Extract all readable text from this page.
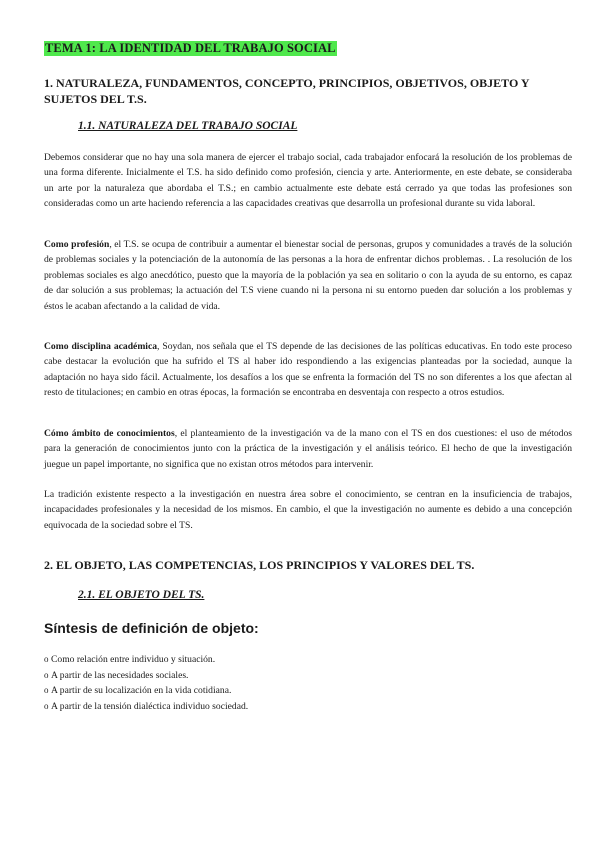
TEMA 1: LA IDENTIDAD DEL TRABAJO SOCIAL
1. NATURALEZA, FUNDAMENTOS, CONCEPTO, PRINCIPIOS, OBJETIVOS, OBJETO Y SUJETOS DEL T.S.
1.1. NATURALEZA DEL TRABAJO SOCIAL
Debemos considerar que no hay una sola manera de ejercer el trabajo social, cada trabajador enfocará la resolución de los problemas de una forma diferente. Inicialmente el T.S. ha sido definido como profesión, ciencia y arte. Anteriormente, en este debate, se consideraba un arte por la naturaleza que abordaba el T.S.; en cambio actualmente este debate está cerrado ya que todas las profesiones son consideradas como un arte haciendo referencia a las capacidades creativas que desarrolla un profesional durante su vida laboral.
Como profesión, el T.S. se ocupa de contribuir a aumentar el bienestar social de personas, grupos y comunidades a través de la solución de problemas sociales y la potenciación de la autonomía de las personas a la hora de enfrentar dichos problemas. . La resolución de los problemas sociales es algo anecdótico, puesto que la mayoría de la población ya sea en solitario o con la ayuda de su entorno, es capaz de dar solución a sus problemas; la actuación del T.S viene cuando ni la persona ni su entorno pueden dar solución a los problemas y éstos le acaban afectando a la calidad de vida.
Como disciplina académica, Soydan, nos señala que el TS depende de las decisiones de las políticas educativas. En todo este proceso cabe destacar la evolución que ha sufrido el TS al haber ido respondiendo a las exigencias planteadas por la sociedad, aunque la adaptación no haya sido fácil. Actualmente, los desafíos a los que se enfrenta la formación del TS no son diferentes a los que afectan al resto de titulaciones; en cambio en otras épocas, la formación se encontraba en desventaja con respecto a otros estudios.
Cómo ámbito de conocimientos, el planteamiento de la investigación va de la mano con el TS en dos cuestiones: el uso de métodos para la generación de conocimientos junto con la práctica de la investigación y el análisis teórico. El hecho de que la investigación juegue un papel importante, no significa que no existan otros métodos para intervenir.
La tradición existente respecto a la investigación en nuestra área sobre el conocimiento, se centran en la insuficiencia de trabajos, incapacidades profesionales y la necesidad de los mismos. En cambio, el que la investigación no aumente es debido a una concepción equivocada de la sociedad sobre el TS.
2. EL OBJETO, LAS COMPETENCIAS, LOS PRINCIPIOS Y VALORES DEL TS.
2.1. EL OBJETO DEL TS.
Síntesis de definición de objeto:
o Como relación entre individuo y situación.
o A partir de las necesidades sociales.
o A partir de su localización en la vida cotidiana.
o A partir de la tensión dialéctica individuo sociedad.
